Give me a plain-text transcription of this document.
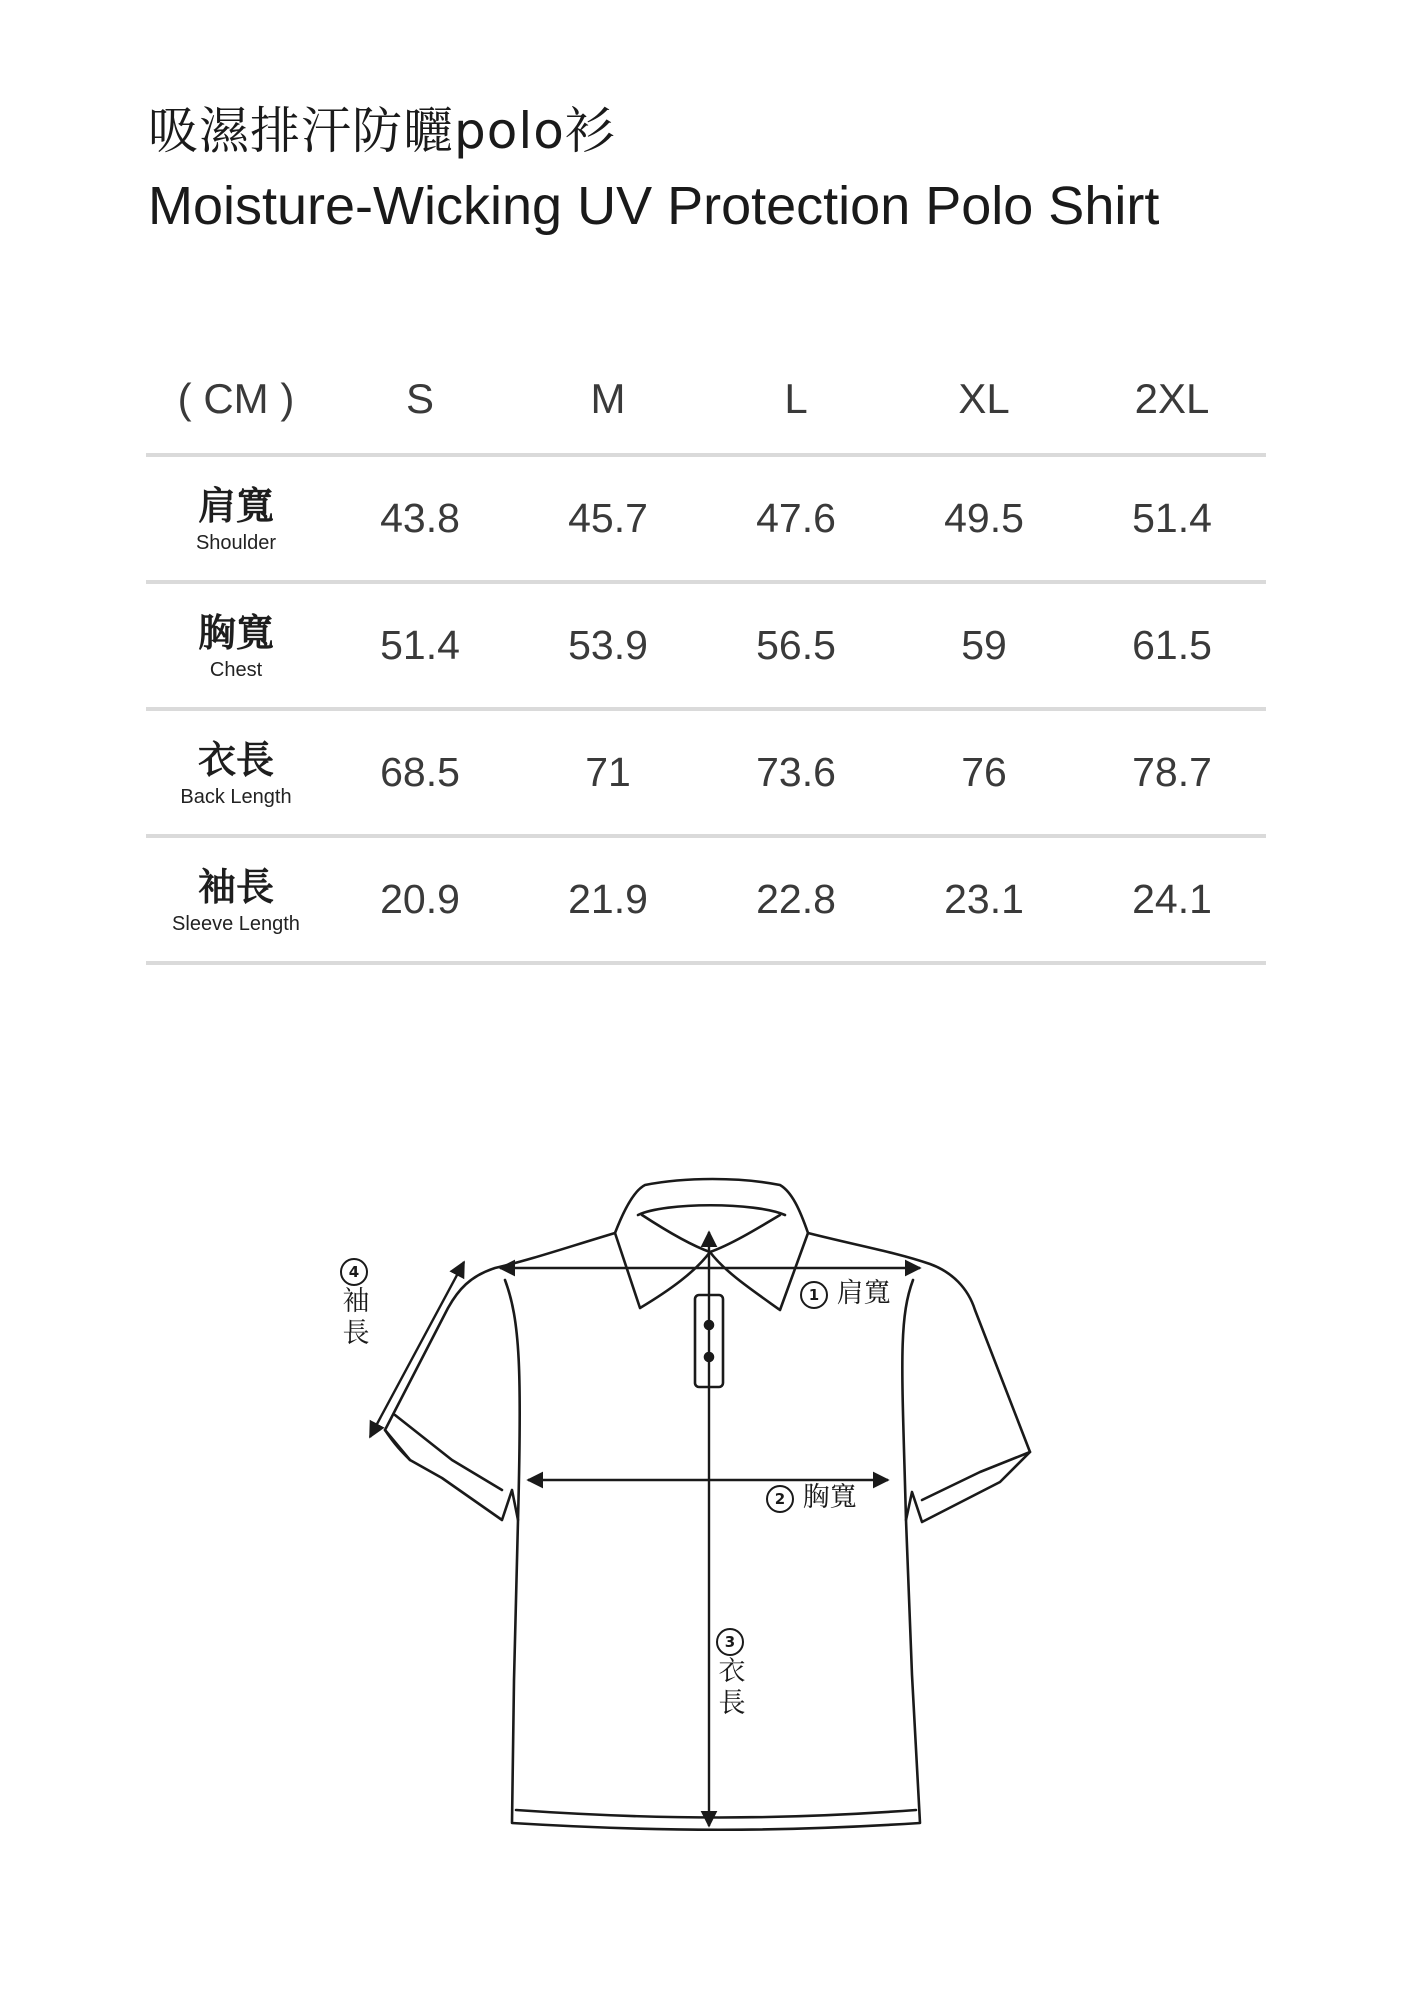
吸濕排汗防曬polo衫
Moisture-Wicking UV Protection Polo Shirt
( CM )	S	M	L	XL	2XL
肩寬
Shoulder
43.8	45.7	47.6	49.5	51.4
胸寬
Chest
51.4	53.9	56.5	59	61.5
衣長
Back Length
68.5	71	73.6	76	78.7
袖長
Sleeve Length
20.9	21.9	22.8	23.1	24.1
1 肩寬
2 胸寬
3
衣
長
4
袖
長
